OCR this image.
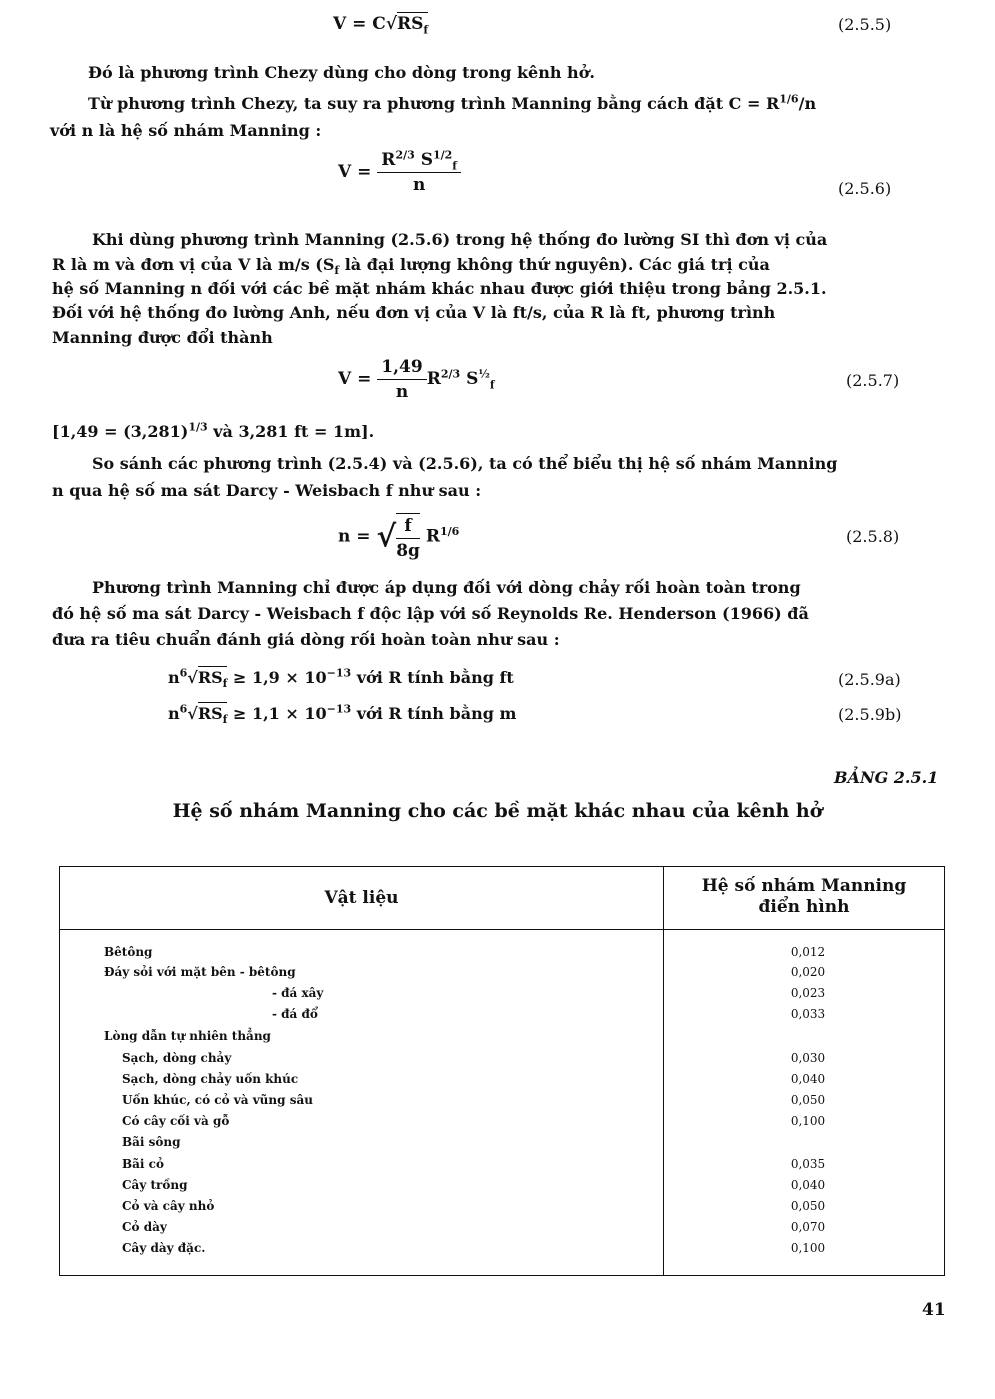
$V = C√RS_f$	(2.5.5)
Đó là phương trình Chezy dùng cho dòng trong kênh hở.
Từ phương trình Chezy, ta suy ra phương trình Manning bằng cách đặt $C = R^{1/6}/n$
với n là hệ số nhám Manning :
$V = \frac{R^{2/3} S^{1/2}_f}{n}$	(2.5.6)
Khi dùng phương trình Manning (2.5.6) trong hệ thống đo lường SI thì đơn vị của
R là m và đơn vị của V là m/s ($S_f$ là đại lượng không thứ nguyên). Các giá trị của
hệ số Manning n đối với các bề mặt nhám khác nhau được giới thiệu trong bảng 2.5.1.
Đối với hệ thống đo lường Anh, nếu đơn vị của V là ft/s, của R là ft, phương trình
Manning được đổi thành
$V = \frac{1,49}{n} R^{2/3}$ $S^{\frac{1}{2}}_f$	(2.5.7)
[$1,49 = (3,281)^{1/3}$ và 3,281 ft = 1m].
So sánh các phương trình (2.5.4) và (2.5.6), ta có thể biểu thị hệ số nhám Manning
n qua hệ số ma sát Darcy - Weisbach f như sau :
n = √ $\frac{f}{8g} R^{1/6}$	(2.5.8)
Phương trình Manning chỉ được áp dụng đối với dòng chảy rối hoàn toàn trong
đó hệ số ma sát Darcy - Weisbach f độc lập với số Reynolds Re. Henderson (1966) đã
đưa ra tiêu chuẩn đánh giá dòng rối hoàn toàn như sau :
$n^6√RS_f \ge 1,9 \times 10^{-13}$ với R tính bằng ft	(2.5.9a)
$n^6√RS_f \ge 1,1 \times 10^{-13}$ với R tính bằng m	(2.5.9b)
BẢNG 2.5.1
Hệ số nhám Manning cho các bề mặt khác nhau của kênh hở
Vật liệu
Hệ số nhám Manning
điển hình
Bêtông	0,012
Đáy sỏi với mặt bên - bêtông	0,020
- đá xây	0,023
- đá đổ	0,033
Lòng dẫn tự nhiên thẳng
Sạch, dòng chảy	0,030
Sạch, dòng chảy uốn khúc	0,040
Uốn khúc, có cỏ và vũng sâu	0,050
Có cây cối và gỗ	0,100
Bãi sông
Bãi cỏ	0,035
Cây trồng	0,040
Cỏ và cây nhỏ	0,050
Cỏ dày	0,070
Cây dày đặc.	0,100
41
